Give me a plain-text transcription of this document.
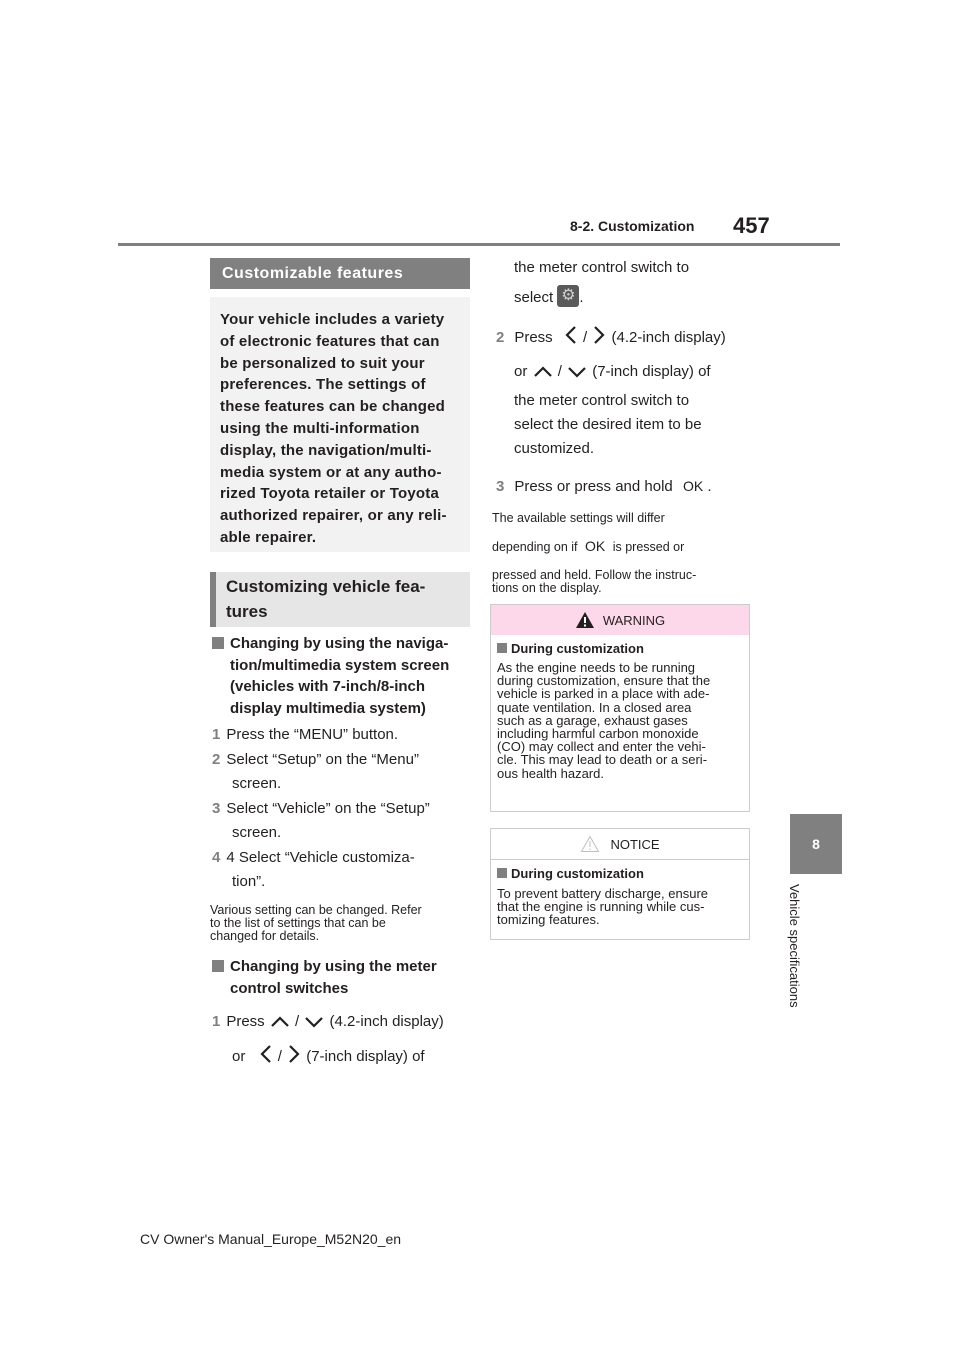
8-2. Customization 457
8
Vehicle specifications
Customizable features
Your vehicle includes a variety
of electronic features that can
be personalized to suit your
preferences. The settings of
these features can be changed
using the multi-information
display, the navigation/multi-
media system or at any autho-
rized Toyota retailer or Toyota
authorized repairer, or any reli-
able repairer.
Customizing vehicle fea-
tures
Changing by using the naviga-
tion/multimedia system screen
(vehicles with 7-inch/8-inch
display multimedia system)
1 Press the “MENU” button.
2 Select “Setup” on the “Menu”
screen.
3 Select “Vehicle” on the “Setup”
screen.
4 4 Select “Vehicle customiza-
tion”.
Various setting can be changed. Refer
to the list of settings that can be
changed for details.
Changing by using the meter
control switches
1 Press / (4.2-inch display)
or / (7-inch display) of
the meter control switch to
select ⚙ .
2 Press / (4.2-inch display)
or / (7-inch display) of
the meter control switch to
select the desired item to be
customized.
3 Press or press and hold OK .
The available settings will differ
depending on if OK is pressed or
pressed and held. Follow the instruc-
tions on the display.
WARNING
During customization
As the engine needs to be running
during customization, ensure that the
vehicle is parked in a place with ade-
quate ventilation. In a closed area
such as a garage, exhaust gases
including harmful carbon monoxide
(CO) may collect and enter the vehi-
cle. This may lead to death or a seri-
ous health hazard.
NOTICE
During customization
To prevent battery discharge, ensure
that the engine is running while cus-
tomizing features.
CV Owner's Manual_Europe_M52N20_en
